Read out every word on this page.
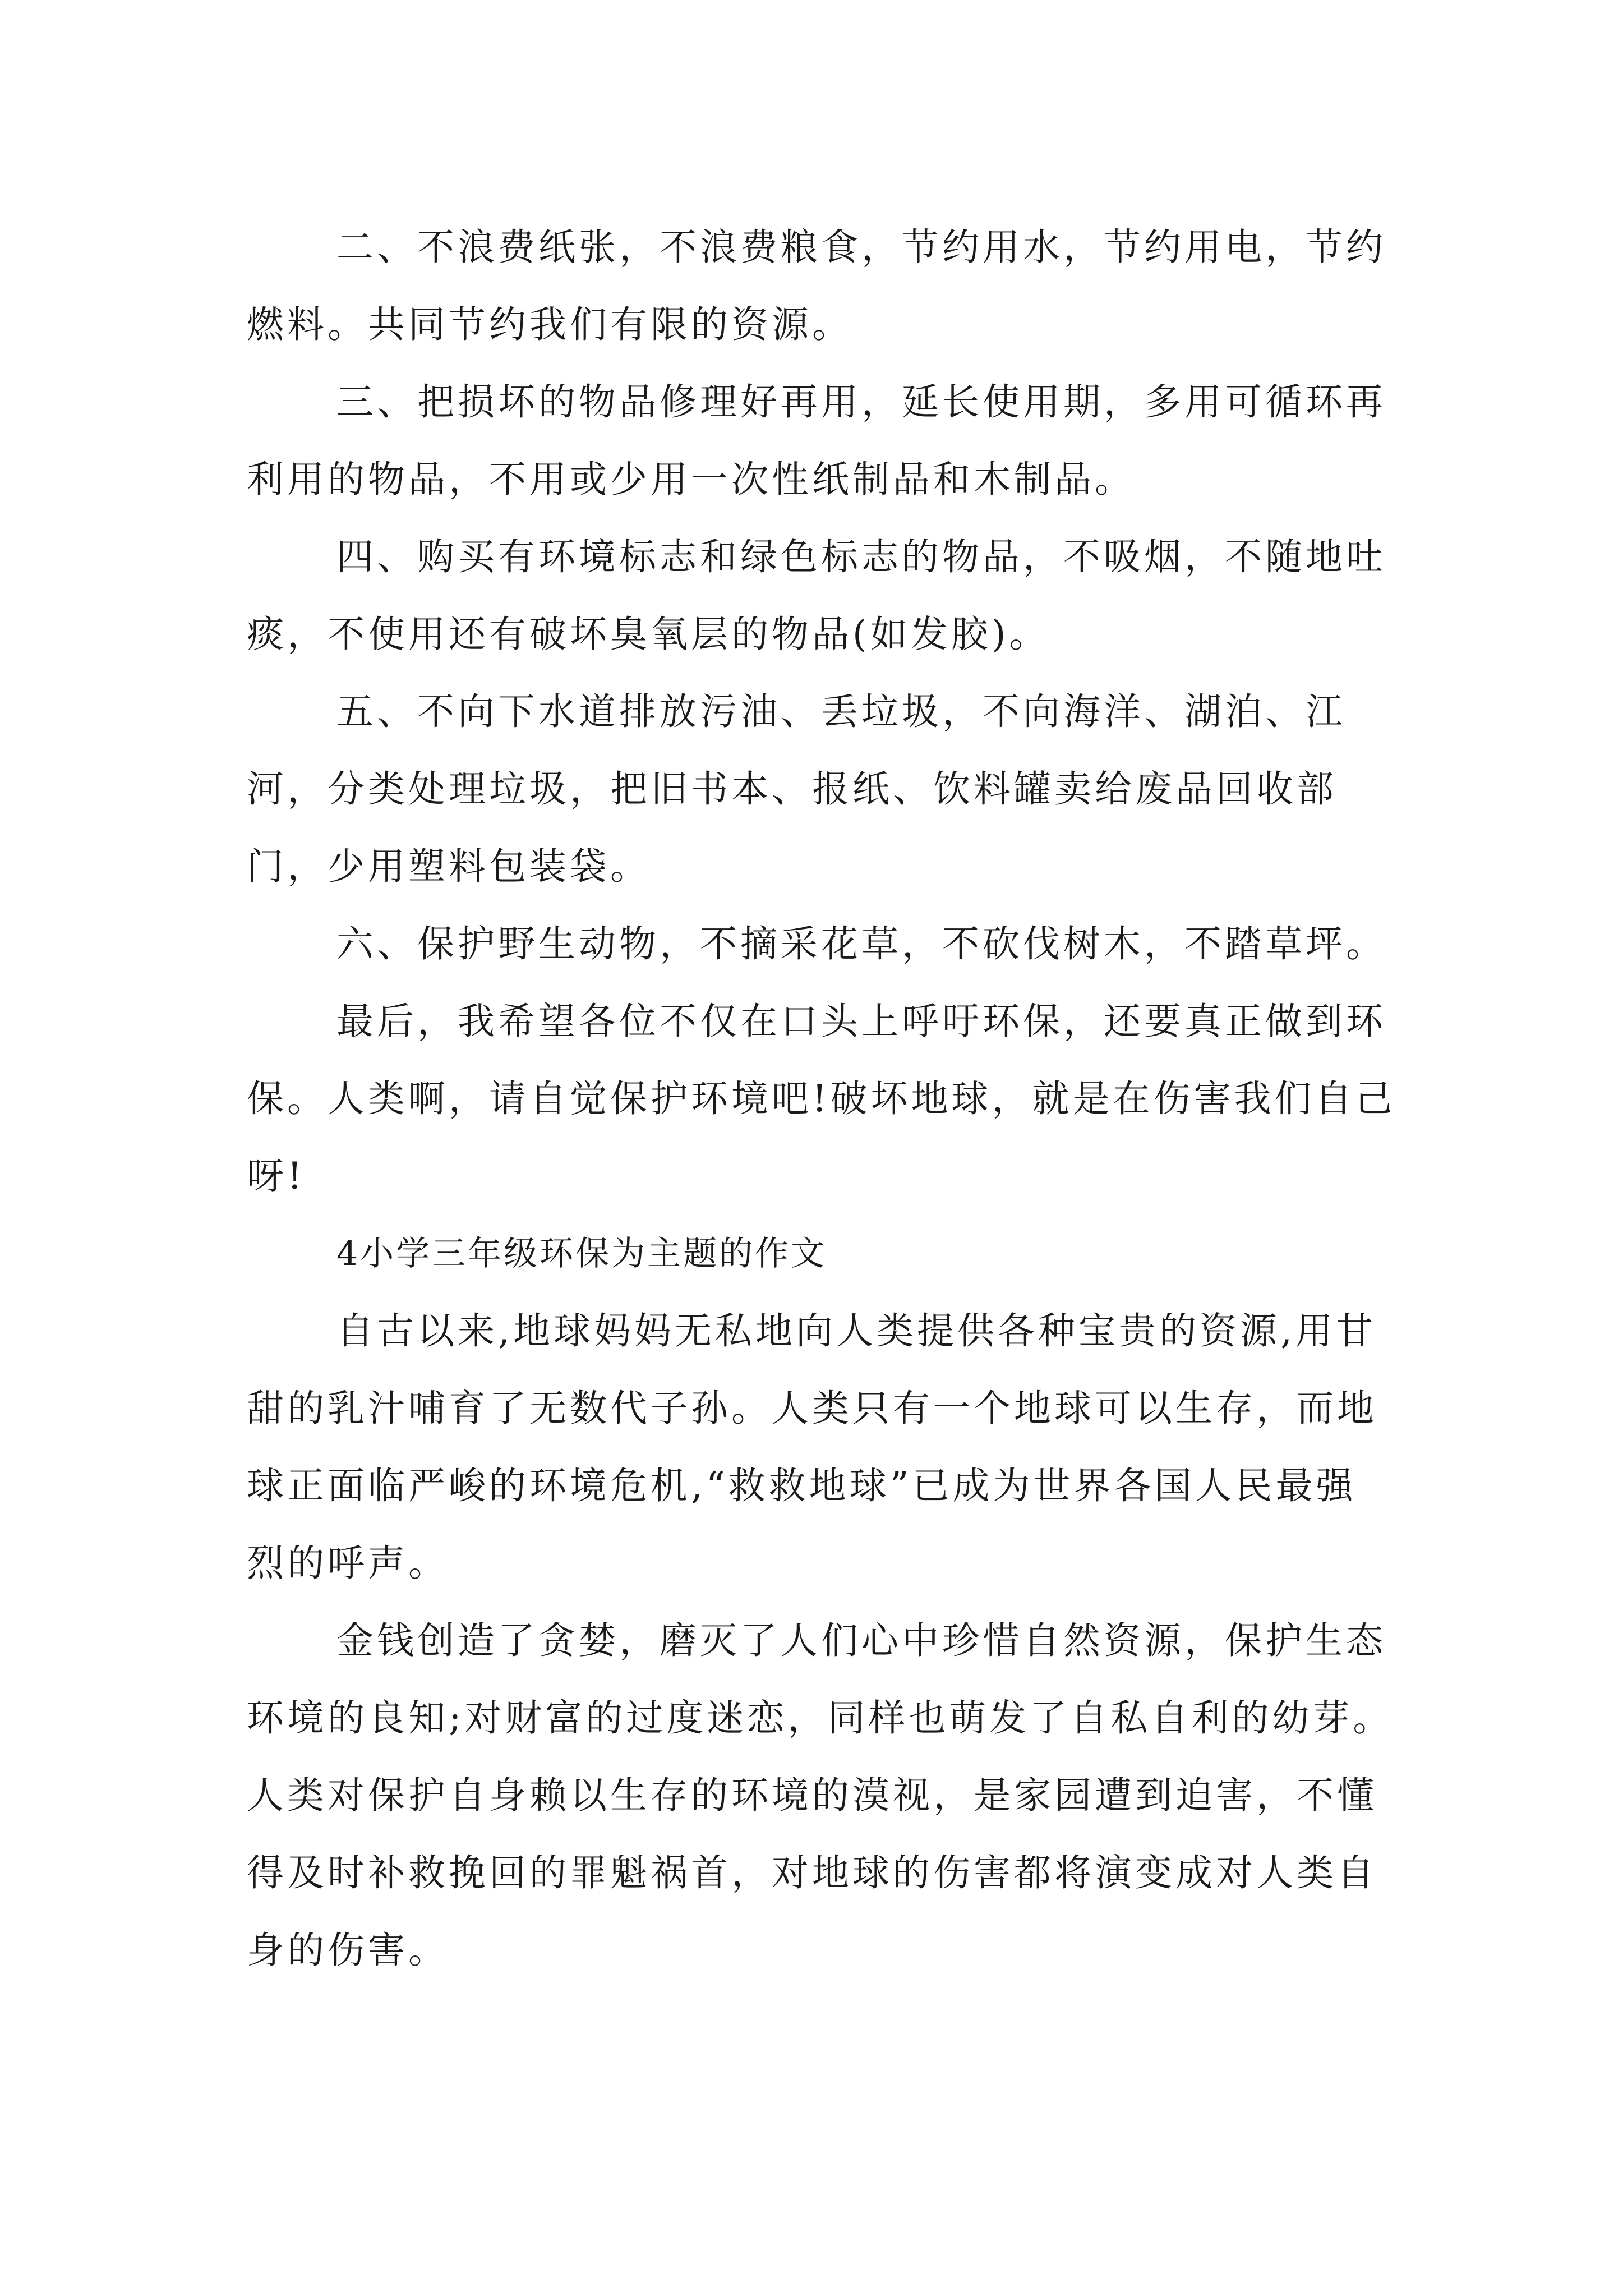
二、不浪费纸张，不浪费粮食，节约用水，节约用电，节约燃料。共同节约我们有限的资源。

三、把损坏的物品修理好再用，延长使用期，多用可循环再利用的物品，不用或少用一次性纸制品和木制品。

四、购买有环境标志和绿色标志的物品，不吸烟，不随地吐痰，不使用还有破坏臭氧层的物品(如发胶)。

五、不向下水道排放污油、丢垃圾，不向海洋、湖泊、江河，分类处理垃圾，把旧书本、报纸、饮料罐卖给废品回收部门，少用塑料包装袋。

六、保护野生动物，不摘采花草，不砍伐树木，不踏草坪。

最后，我希望各位不仅在口头上呼吁环保，还要真正做到环保。人类啊，请自觉保护环境吧!破坏地球，就是在伤害我们自己呀!

4小学三年级环保为主题的作文

自古以来,地球妈妈无私地向人类提供各种宝贵的资源,用甘甜的乳汁哺育了无数代子孙。人类只有一个地球可以生存，而地球正面临严峻的环境危机,“救救地球”已成为世界各国人民最强烈的呼声。

金钱创造了贪婪，磨灭了人们心中珍惜自然资源，保护生态环境的良知;对财富的过度迷恋，同样也萌发了自私自利的幼芽。人类对保护自身赖以生存的环境的漠视，是家园遭到迫害，不懂得及时补救挽回的罪魁祸首，对地球的伤害都将演变成对人类自身的伤害。
